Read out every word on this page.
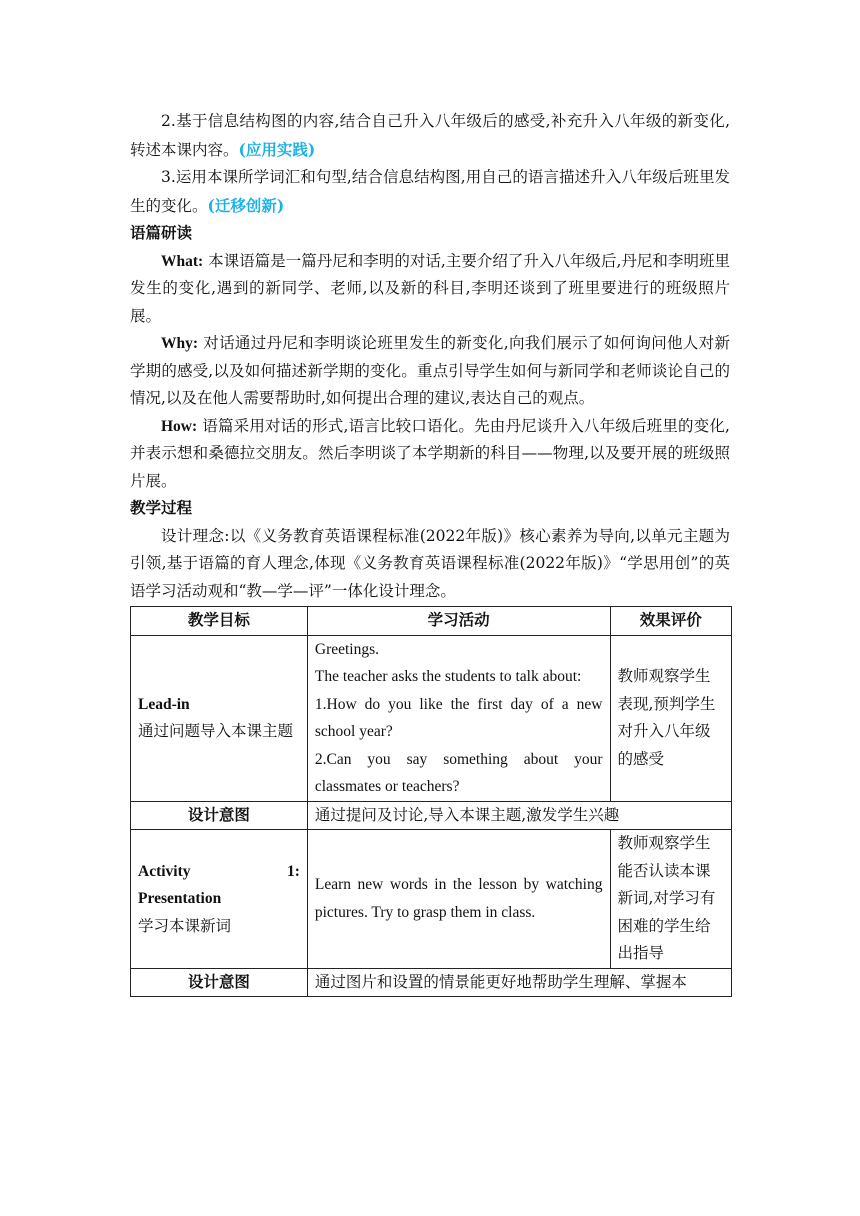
2.基于信息结构图的内容,结合自己升入八年级后的感受,补充升入八年级的新变化,转述本课内容。(应用实践)

3.运用本课所学词汇和句型,结合信息结构图,用自己的语言描述升入八年级后班里发生的变化。(迁移创新)

语篇研读

What: 本课语篇是一篇丹尼和李明的对话,主要介绍了升入八年级后,丹尼和李明班里发生的变化,遇到的新同学、老师,以及新的科目,李明还谈到了班里要进行的班级照片展。

Why: 对话通过丹尼和李明谈论班里发生的新变化,向我们展示了如何询问他人对新学期的感受,以及如何描述新学期的变化。重点引导学生如何与新同学和老师谈论自己的情况,以及在他人需要帮助时,如何提出合理的建议,表达自己的观点。

How: 语篇采用对话的形式,语言比较口语化。先由丹尼谈升入八年级后班里的变化,并表示想和桑德拉交朋友。然后李明谈了本学期新的科目——物理,以及要开展的班级照片展。

教学过程

设计理念:以《义务教育英语课程标准(2022年版)》核心素养为导向,以单元主题为引领,基于语篇的育人理念,体现《义务教育英语课程标准(2022年版)》“学思用创”的英语学习活动观和“教—学—评”一体化设计理念。

教学目标	学习活动	效果评价

Lead-in
通过问题导入本课主题	Greetings.
The teacher asks the students to talk about:
1.How do you like the first day of a new school year?
2.Can you say something about your classmates or teachers?	教师观察学生表现,预判学生对升入八年级的感受
设计意图	通过提问及讨论,导入本课主题,激发学生兴趣	

Activity 1:
Presentation
学习本课新词	Learn new words in the lesson by watching pictures. Try to grasp them in class.	教师观察学生能否认读本课新词,对学习有困难的学生给出指导
设计意图	通过图片和设置的情景能更好地帮助学生理解、掌握本	
